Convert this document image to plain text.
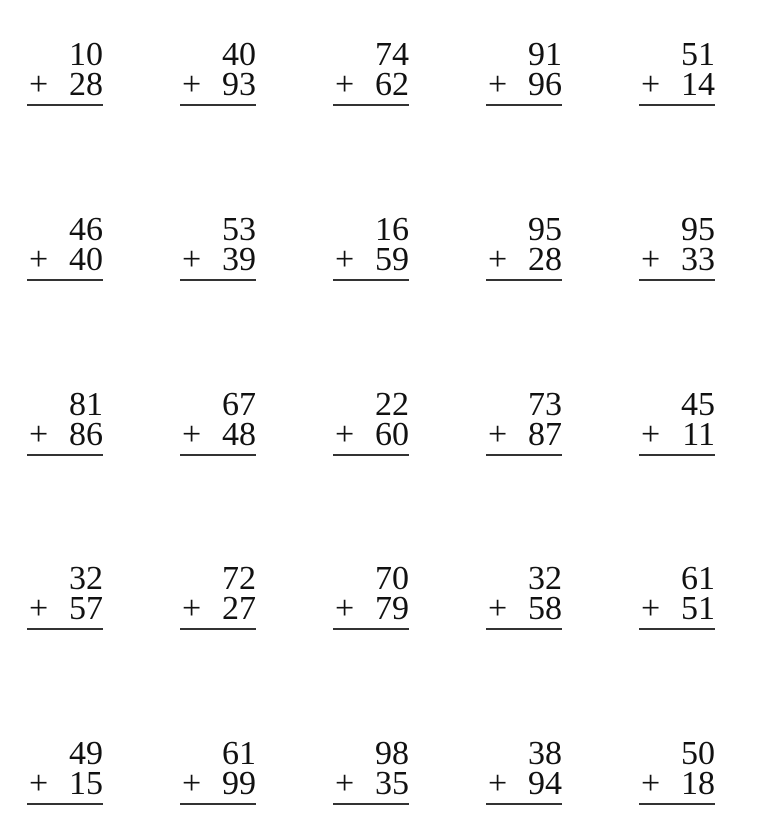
10
+ 28
40
+ 93
74
+ 62
91
+ 96
51
+ 14
46
+ 40
53
+ 39
16
+ 59
95
+ 28
95
+ 33
81
+ 86
67
+ 48
22
+ 60
73
+ 87
45
+ 11
32
+ 57
72
+ 27
70
+ 79
32
+ 58
61
+ 51
49
+ 15
61
+ 99
98
+ 35
38
+ 94
50
+ 18
